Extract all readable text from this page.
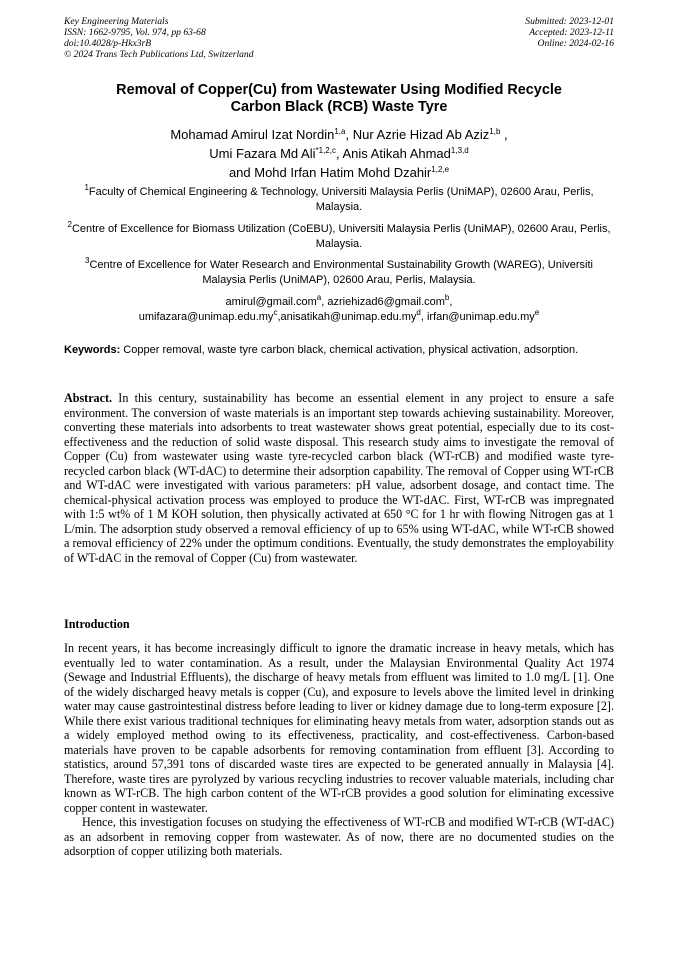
Key Engineering Materials
ISSN: 1662-9795, Vol. 974, pp 63-68
doi:10.4028/p-Hkx3rB
© 2024 Trans Tech Publications Ltd, Switzerland
Submitted: 2023-12-01
Accepted: 2023-12-11
Online: 2024-02-16
Removal of Copper(Cu) from Wastewater Using Modified Recycle
Carbon Black (RCB) Waste Tyre
Mohamad Amirul Izat Nordin$^{1,a}$, Nur Azrie Hizad Ab Aziz$^{1,b}$ ,
Umi Fazara Md Ali$^{*1,2,c}$, Anis Atikah Ahmad$^{1,3,d}$
and Mohd Irfan Hatim Mohd Dzahir$^{1,2,e}$
$^1$Faculty of Chemical Engineering & Technology, Universiti Malaysia Perlis (UniMAP), 02600 Arau, Perlis, Malaysia.
$^2$Centre of Excellence for Biomass Utilization (CoEBU), Universiti Malaysia Perlis (UniMAP), 02600 Arau, Perlis, Malaysia.
$^3$Centre of Excellence for Water Research and Environmental Sustainability Growth (WAREG), Universiti Malaysia Perlis (UniMAP), 02600 Arau, Perlis, Malaysia.
amirul@gmail.com$^a$, azriehizad6@gmail.com$^b$,
$umifazara@unimap.edu.my^c,anisatikah@unimap.edu.my^d$, $irfan@unimap.edu.my^e$
Keywords: Copper removal, waste tyre carbon black, chemical activation, physical activation, adsorption.
Abstract. In this century, sustainability has become an essential element in any project to ensure a safe environment. The conversion of waste materials is an important step towards achieving sustainability. Moreover, converting these materials into adsorbents to treat wastewater shows great potential, especially due to its cost-effectiveness and the reduction of solid waste disposal. This research study aims to investigate the removal of Copper (Cu) from wastewater using waste tyre-recycled carbon black (WT-rCB) and modified waste tyre-recycled carbon black (WT-dAC) to determine their adsorption capability. The removal of Copper using WT-rCB and WT-dAC were investigated with various parameters: pH value, adsorbent dosage, and contact time. The chemical-physical activation process was employed to produce the WT-dAC. First, WT-rCB was impregnated with 1:5 wt% of 1 M KOH solution, then physically activated at 650 °C for 1 hr with flowing Nitrogen gas at 1 L/min. The adsorption study observed a removal efficiency of up to 65% using WT-dAC, while WT-rCB showed a removal efficiency of 22% under the optimum conditions. Eventually, the study demonstrates the employability of WT-dAC in the removal of Copper (Cu) from wastewater.
Introduction

In recent years, it has become increasingly difficult to ignore the dramatic increase in heavy metals, which has eventually led to water contamination. As a result, under the Malaysian Environmental Quality Act 1974 (Sewage and Industrial Effluents), the discharge of heavy metals from effluent was limited to 1.0 mg/L [1]. One of the widely discharged heavy metals is copper (Cu), and exposure to levels above the limited level in drinking water may cause gastrointestinal distress before leading to liver or kidney damage due to long-term exposure [2]. While there exist various traditional techniques for eliminating heavy metals from water, adsorption stands out as a widely employed method owing to its effectiveness, practicality, and cost-effectiveness. Carbon-based materials have proven to be capable adsorbents for removing contamination from effluent [3]. According to statistics, around 57,391 tons of discarded waste tires are expected to be generated annually in Malaysia [4]. Therefore, waste tires are pyrolyzed by various recycling industries to recover valuable materials, including char known as WT-rCB. The high carbon content of the WT-rCB provides a good solution for eliminating excessive copper content in wastewater.

Hence, this investigation focuses on studying the effectiveness of WT-rCB and modified WT-rCB (WT-dAC) as an adsorbent in removing copper from wastewater. As of now, there are no documented studies on the adsorption of copper utilizing both materials.
